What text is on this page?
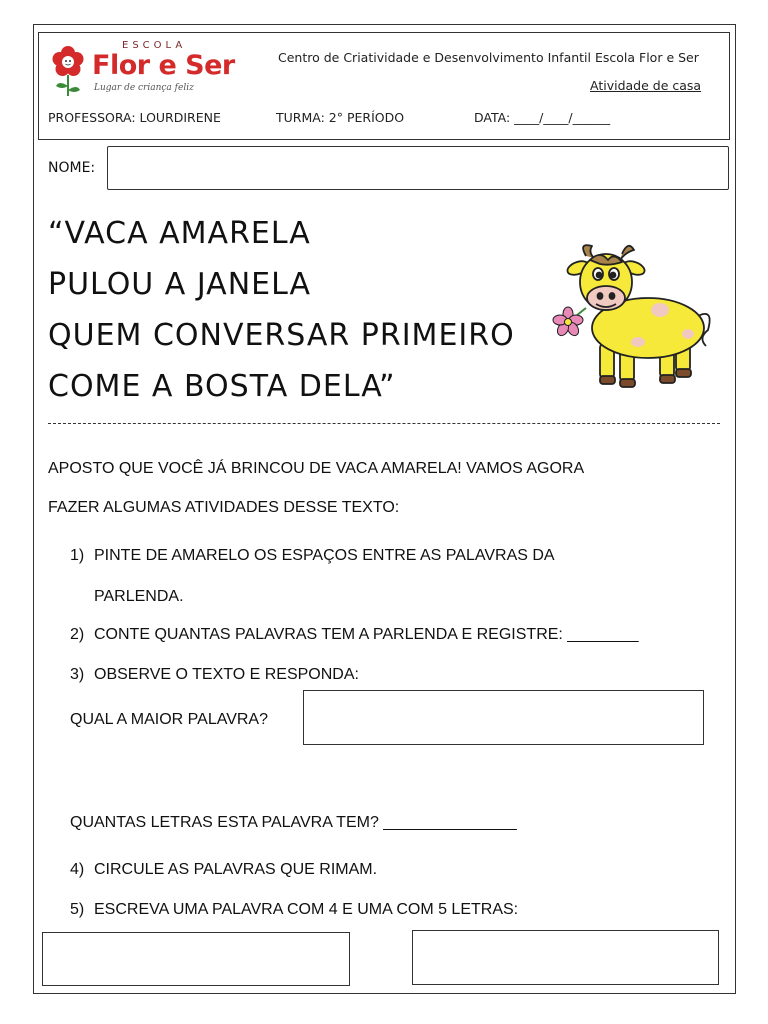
ESCOLA
Flor e Ser
Lugar de criança feliz
Centro de Criatividade e Desenvolvimento Infantil Escola Flor e Ser
Atividade de casa
PROFESSORA: LOURDIRENE	TURMA: 2° PERÍODO	DATA: ____/____/______
NOME:
“VACA AMARELA
PULOU A JANELA
QUEM CONVERSAR PRIMEIRO
COME A BOSTA DELA”
APOSTO QUE VOCÊ JÁ BRINCOU DE VACA AMARELA! VAMOS AGORA
FAZER ALGUMAS ATIVIDADES DESSE TEXTO:
1) PINTE DE AMARELO OS ESPAÇOS ENTRE AS PALAVRAS DA
PARLENDA.
2) CONTE QUANTAS PALAVRAS TEM A PARLENDA E REGISTRE: ________
3) OBSERVE O TEXTO E RESPONDA:
QUAL A MAIOR PALAVRA?
QUANTAS LETRAS ESTA PALAVRA TEM? _______________
4) CIRCULE AS PALAVRAS QUE RIMAM.
5) ESCREVA UMA PALAVRA COM 4 E UMA COM 5 LETRAS:
